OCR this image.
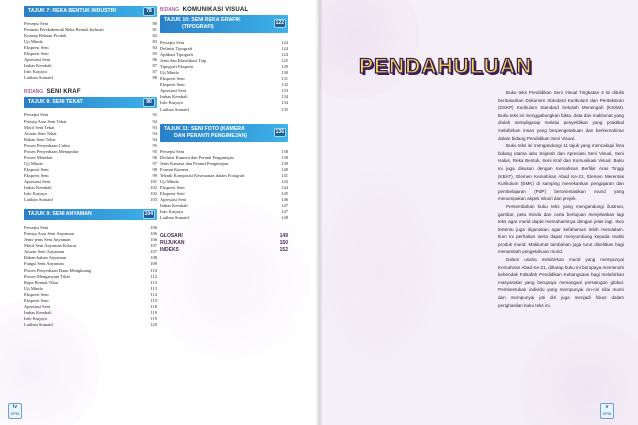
TAJUK 7: REKA BENTUK INDUSTRI	78
Persepsi Seni	80
Peranan Perekabentuk Reka Bentuk Industri	81
Konsep Bekaan Produk	82
Uji Minda	83
Ekspresi Seni	84
Ekspresi Seni	85
Apresiasi Seni	86
Imbas Kembali	87
Info Karjaya	87
Latihan Sumatif	88
BIDANG SENI KRAF
TAJUK 8: SENI TEKAT	90
Persepsi Seni	92
Prinsip Asas Seni Tekat	92
Motif Seni Tekat	93
Aturan Seni Tekat	94
Bahan Seni Tekat	94
Proses Penyediaan Cubin	95
Proses Penyediaan Menupulur	95
Proses Menekat	96
Uji Minda	97
Ekspresi Seni	98
Ekspresi Seni	99
Apresiasi Seni	101
Imbas Kembali	102
Info Karjaya	102
Latihan Sumatif	103
TAJUK 9: SENI ANYAMAN	104
Persepsi Seni	106
Prinsip Asas Seni Anyaman	106
Jenis-jenis Seni Anyaman	106
Motif Seni Anyaman Kelarai	107
Aturan Seni Anyaman	107
Bahan-bahan Anyaman	108
Fungsi Seni Anyaman	109
Proses Penyediaan Daun Mengkuang	110
Proses Menganyam Tikar	112
Rupa Bentuk Tikar	113
Uji Minda	113
Ekspresi Seni	114
Ekspresi Seni	115
Apresiasi Seni	118
Imbas Kembali	119
Info Karjaya	119
Latihan Sumatif	120
BIDANG KOMUNIKASI VISUAL
TAJUK 10: SENI REKA GRAFIK
(TIPOGRAFI)
122
Persepsi Seni	124
Definisi Tipografi	124
Aplikasi Tipografi	124
Jenis dan Klasifikasi Taip	125
Tipografi Ekspresi	129
Uji Minda	130
Ekspresi Seni	131
Ekspresi Seni	132
Apresiasi Seni	133
Imbas Kembali	134
Info Karjaya	134
Latihan Sumatif	135
TAJUK 11: SENI FOTO (KAMERA
DAN PERANTI PENGIMEJAN)
136
Persepsi Seni	138
Definisi Kamera dan Peranti Pengimejan	138
Jenis Kamera dan Peranti Pengimejan	139
Format Kamera	140
Teknik Komposisi Kesesuaian dalam Fotografi	141
Uji Minda	143
Ekspresi Seni	144
Ekspresi Seni	145
Apresiasi Seni	146
Imbas Kembali	147
Info Karjaya	147
Latihan Sumatif	148
GLOSARI	149
RUJUKAN	150
INDEKS	152
iv
KPM
PENDAHULUAN

Buku teks Pendidikan Seni Visual Tingkatan 3 ini ditulis berdasarkan Dokumen Standard Kurikulum dan Pentaksiran (DSKP) Kurikulum Standard Sekolah Menengah (KSSM). Buku teks ini menggabungkan fakta, data dan maklumat yang diolah sertadigarap melalui penyeldikan yang praktikal melahirkan insan yang berpengetahuan dan berkemahiran dalam bidang Pendidikan Seni Visual.

Buku teks ini mengandungi 11 tajuk yang mencakupi lima bidang utama iaitu Sejarah dan Apresiasi Seni Visual, Seni Halus, Reka Bentuk, Seni Kraf dan Komunikasi Visual. Buku ini juga disusun dengan Kemahiran Berfikir Aras Tinggi (KBAT), Elemen Kemahiran Abad Ke-21, Elemen Merentas Kurikulum (EMK) di samping menekankan pengajaran dan pembelajaran (PdP) berorientasikan murid yang menumpukan aspek inkuiri dan projek.

Persembahan buku teks yang mengandungi ilustrasi, gambar, peta minda dan carta bertujuan menjelaskan lagi teks agar murid dapat memahaminya dengan jelas lagi. Ikon tertentu juga digunakan agar kefahaman lebih mendalam. Ikon ini perhatian serta dapat menyumbang kepada realisi produk murid. Maklumat tambahan juga turut diselitkan bagi menambah pengetahuan murid.

Dalam usaha melahirkan murid yang mempunyai Kemahiran Abad Ke-21, diharap buku ini berupaya memenuhi kehendak Falsafah Pendidikan Kebangsaan bagi melahirkan masyarakat yang berupaya menangani persaingan global. Pembentukan individu yang mempunyai cin-ciri nilai murni dan mempunyai jati diri juga menjadi fokus dalam penghasilan buku teks ini.

v
KPM
